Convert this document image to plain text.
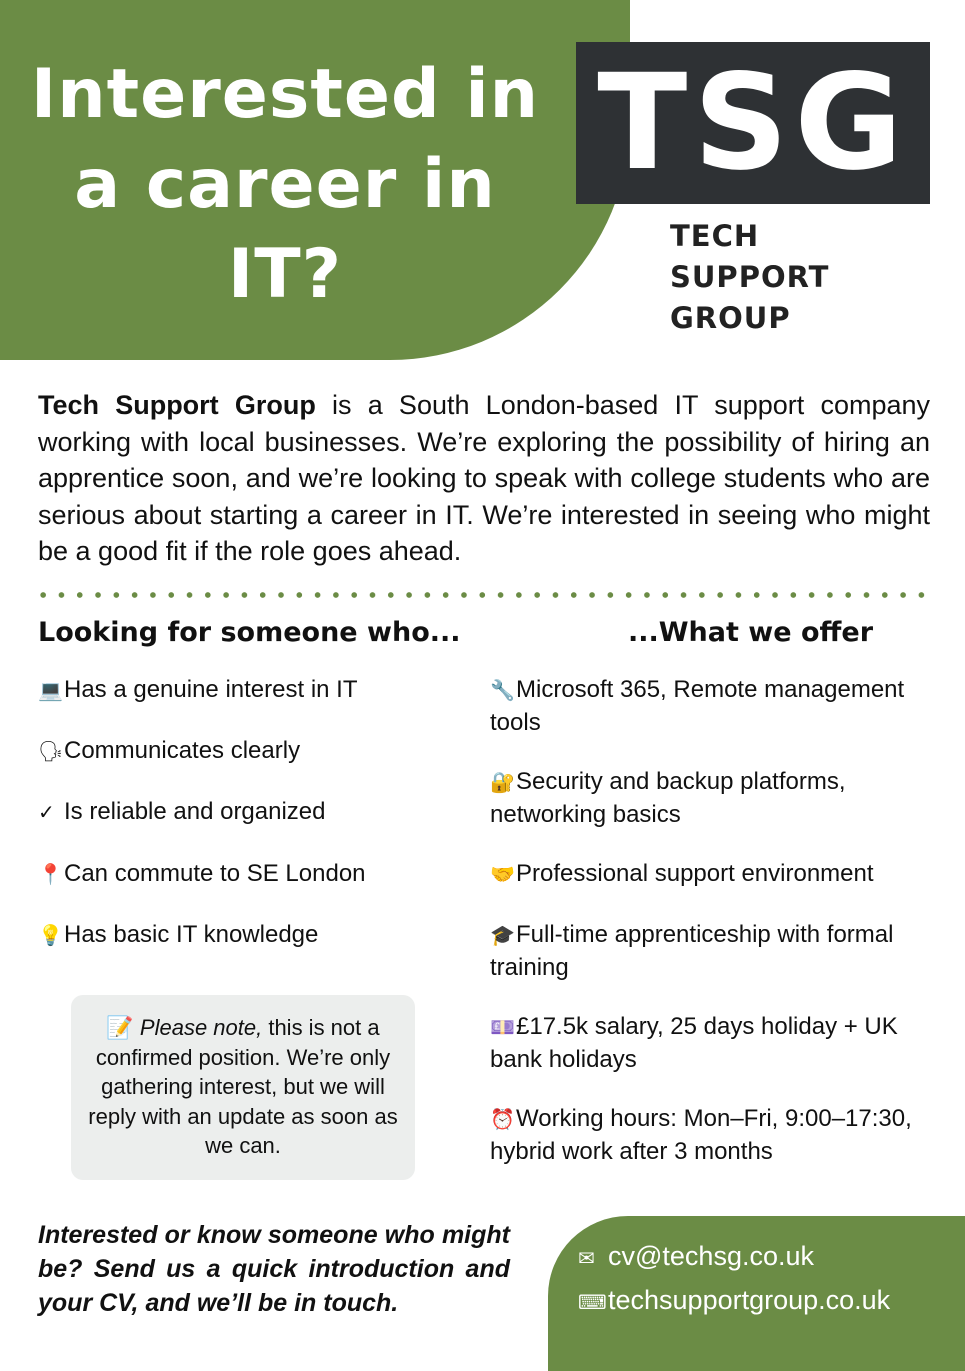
Interested in
a career in
IT?
TSG
TECH
SUPPORT
GROUP

Tech Support Group is a South London-based IT support company working with local businesses. We’re exploring the possibility of hiring an apprentice soon, and we’re looking to speak with college students who are serious about starting a career in IT. We’re interested in seeing who might be a good fit if the role goes ahead.

Looking for someone who...	...What we offer
💻Has a genuine interest in IT
🗣Communicates clearly
✓ Is reliable and organized
📍Can commute to SE London
💡Has basic IT knowledge
🔧Microsoft 365, Remote management tools
🔐Security and backup platforms, networking basics
🤝Professional support environment
🎓Full-time apprenticeship with formal training
💷£17.5k salary, 25 days holiday + UK bank holidays
⏰Working hours: Mon–Fri, 9:00–17:30, hybrid work after 3 months

📝 Please note, this is not a confirmed position. We’re only gathering interest, but we will reply with an update as soon as we can.

Interested or know someone who might be? Send us a quick introduction and your CV, and we’ll be in touch.

✉ cv@techsg.co.uk
⌨techsupportgroup.co.uk
